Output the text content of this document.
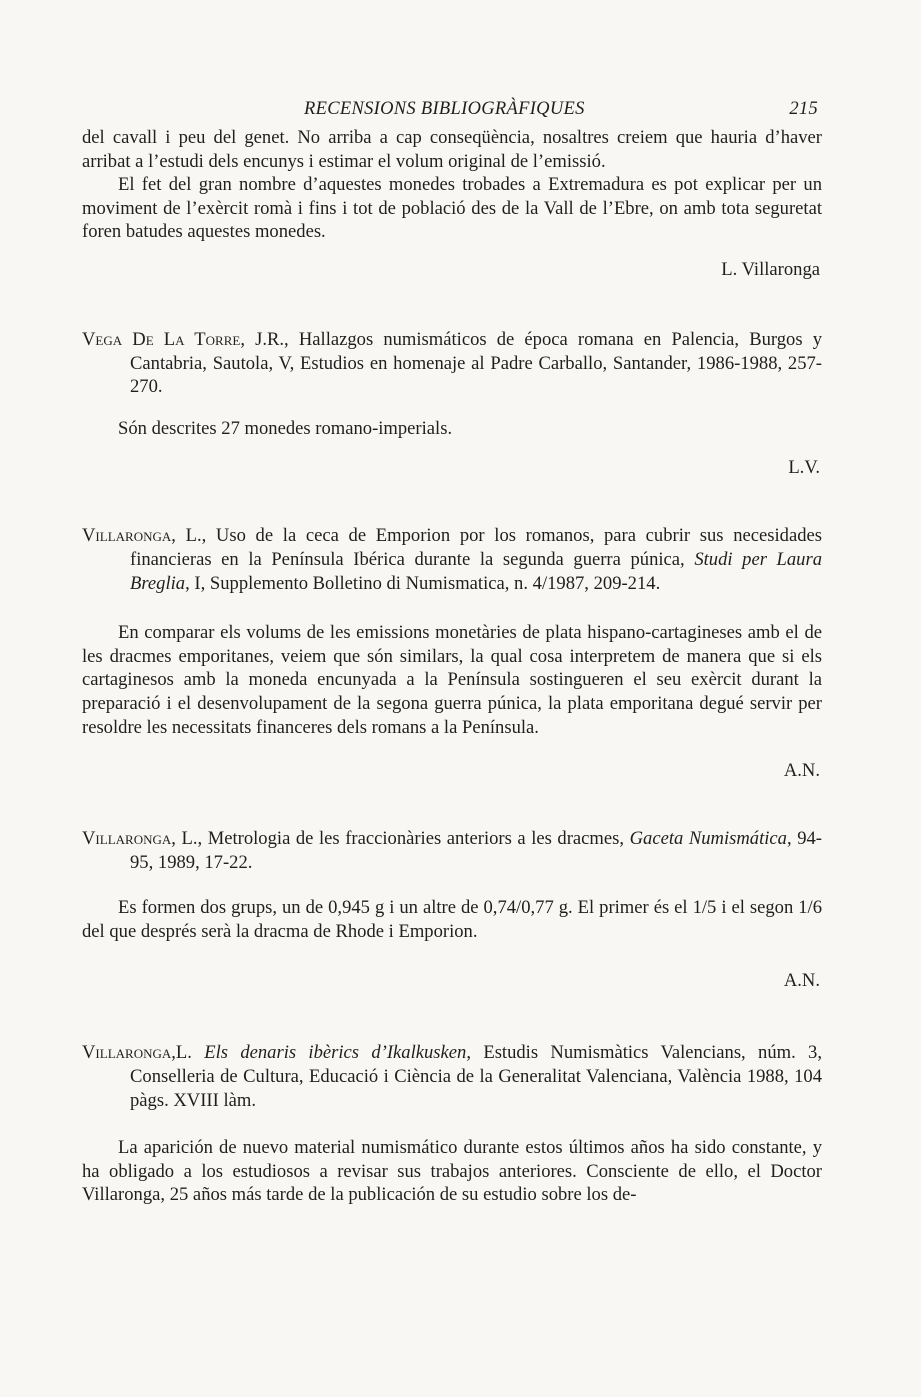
RECENSIONS BIBLIOGRÀFIQUES	215

del cavall i peu del genet. No arriba a cap conseqüència, nosaltres creiem que hauria d’haver arribat a l’estudi dels encunys i estimar el volum original de l’emissió.

El fet del gran nombre d’aquestes monedes trobades a Extremadura es pot explicar per un moviment de l’exèrcit romà i fins i tot de població des de la Vall de l’Ebre, on amb tota seguretat foren batudes aquestes monedes.

L. Villaronga
Vega De La Torre, J.R., Hallazgos numismáticos de época romana en Palencia, Burgos y Cantabria, Sautola, V, Estudios en homenaje al Padre Carballo, Santander, 1986-1988, 257-270.

Són descrites 27 monedes romano-imperials.

L.V.
Villaronga, L., Uso de la ceca de Emporion por los romanos, para cubrir sus necesidades financieras en la Península Ibérica durante la segunda guerra púnica, Studi per Laura Breglia, I, Supplemento Bolletino di Numismatica, n. 4/1987, 209-214.

En comparar els volums de les emissions monetàries de plata hispano-cartagineses amb el de les dracmes emporitanes, veiem que són similars, la qual cosa interpretem de manera que si els cartaginesos amb la moneda encunyada a la Península sostingueren el seu exèrcit durant la preparació i el desenvolupament de la segona guerra púnica, la plata emporitana degué servir per resoldre les necessitats financeres dels romans a la Península.

A.N.
Villaronga, L., Metrologia de les fraccionàries anteriors a les dracmes, Gaceta Numismática, 94-95, 1989, 17-22.

Es formen dos grups, un de 0,945 g i un altre de 0,74/0,77 g. El primer és el 1/5 i el segon 1/6 del que després serà la dracma de Rhode i Emporion.

A.N.
Villaronga,L. Els denaris ibèrics d’Ikalkusken, Estudis Numismàtics Valencians, núm. 3, Conselleria de Cultura, Educació i Ciència de la Generalitat Valenciana, València 1988, 104 pàgs. XVIII làm.

La aparición de nuevo material numismático durante estos últimos años ha sido constante, y ha obligado a los estudiosos a revisar sus trabajos anteriores. Consciente de ello, el Doctor Villaronga, 25 años más tarde de la publicación de su estudio sobre los de-
